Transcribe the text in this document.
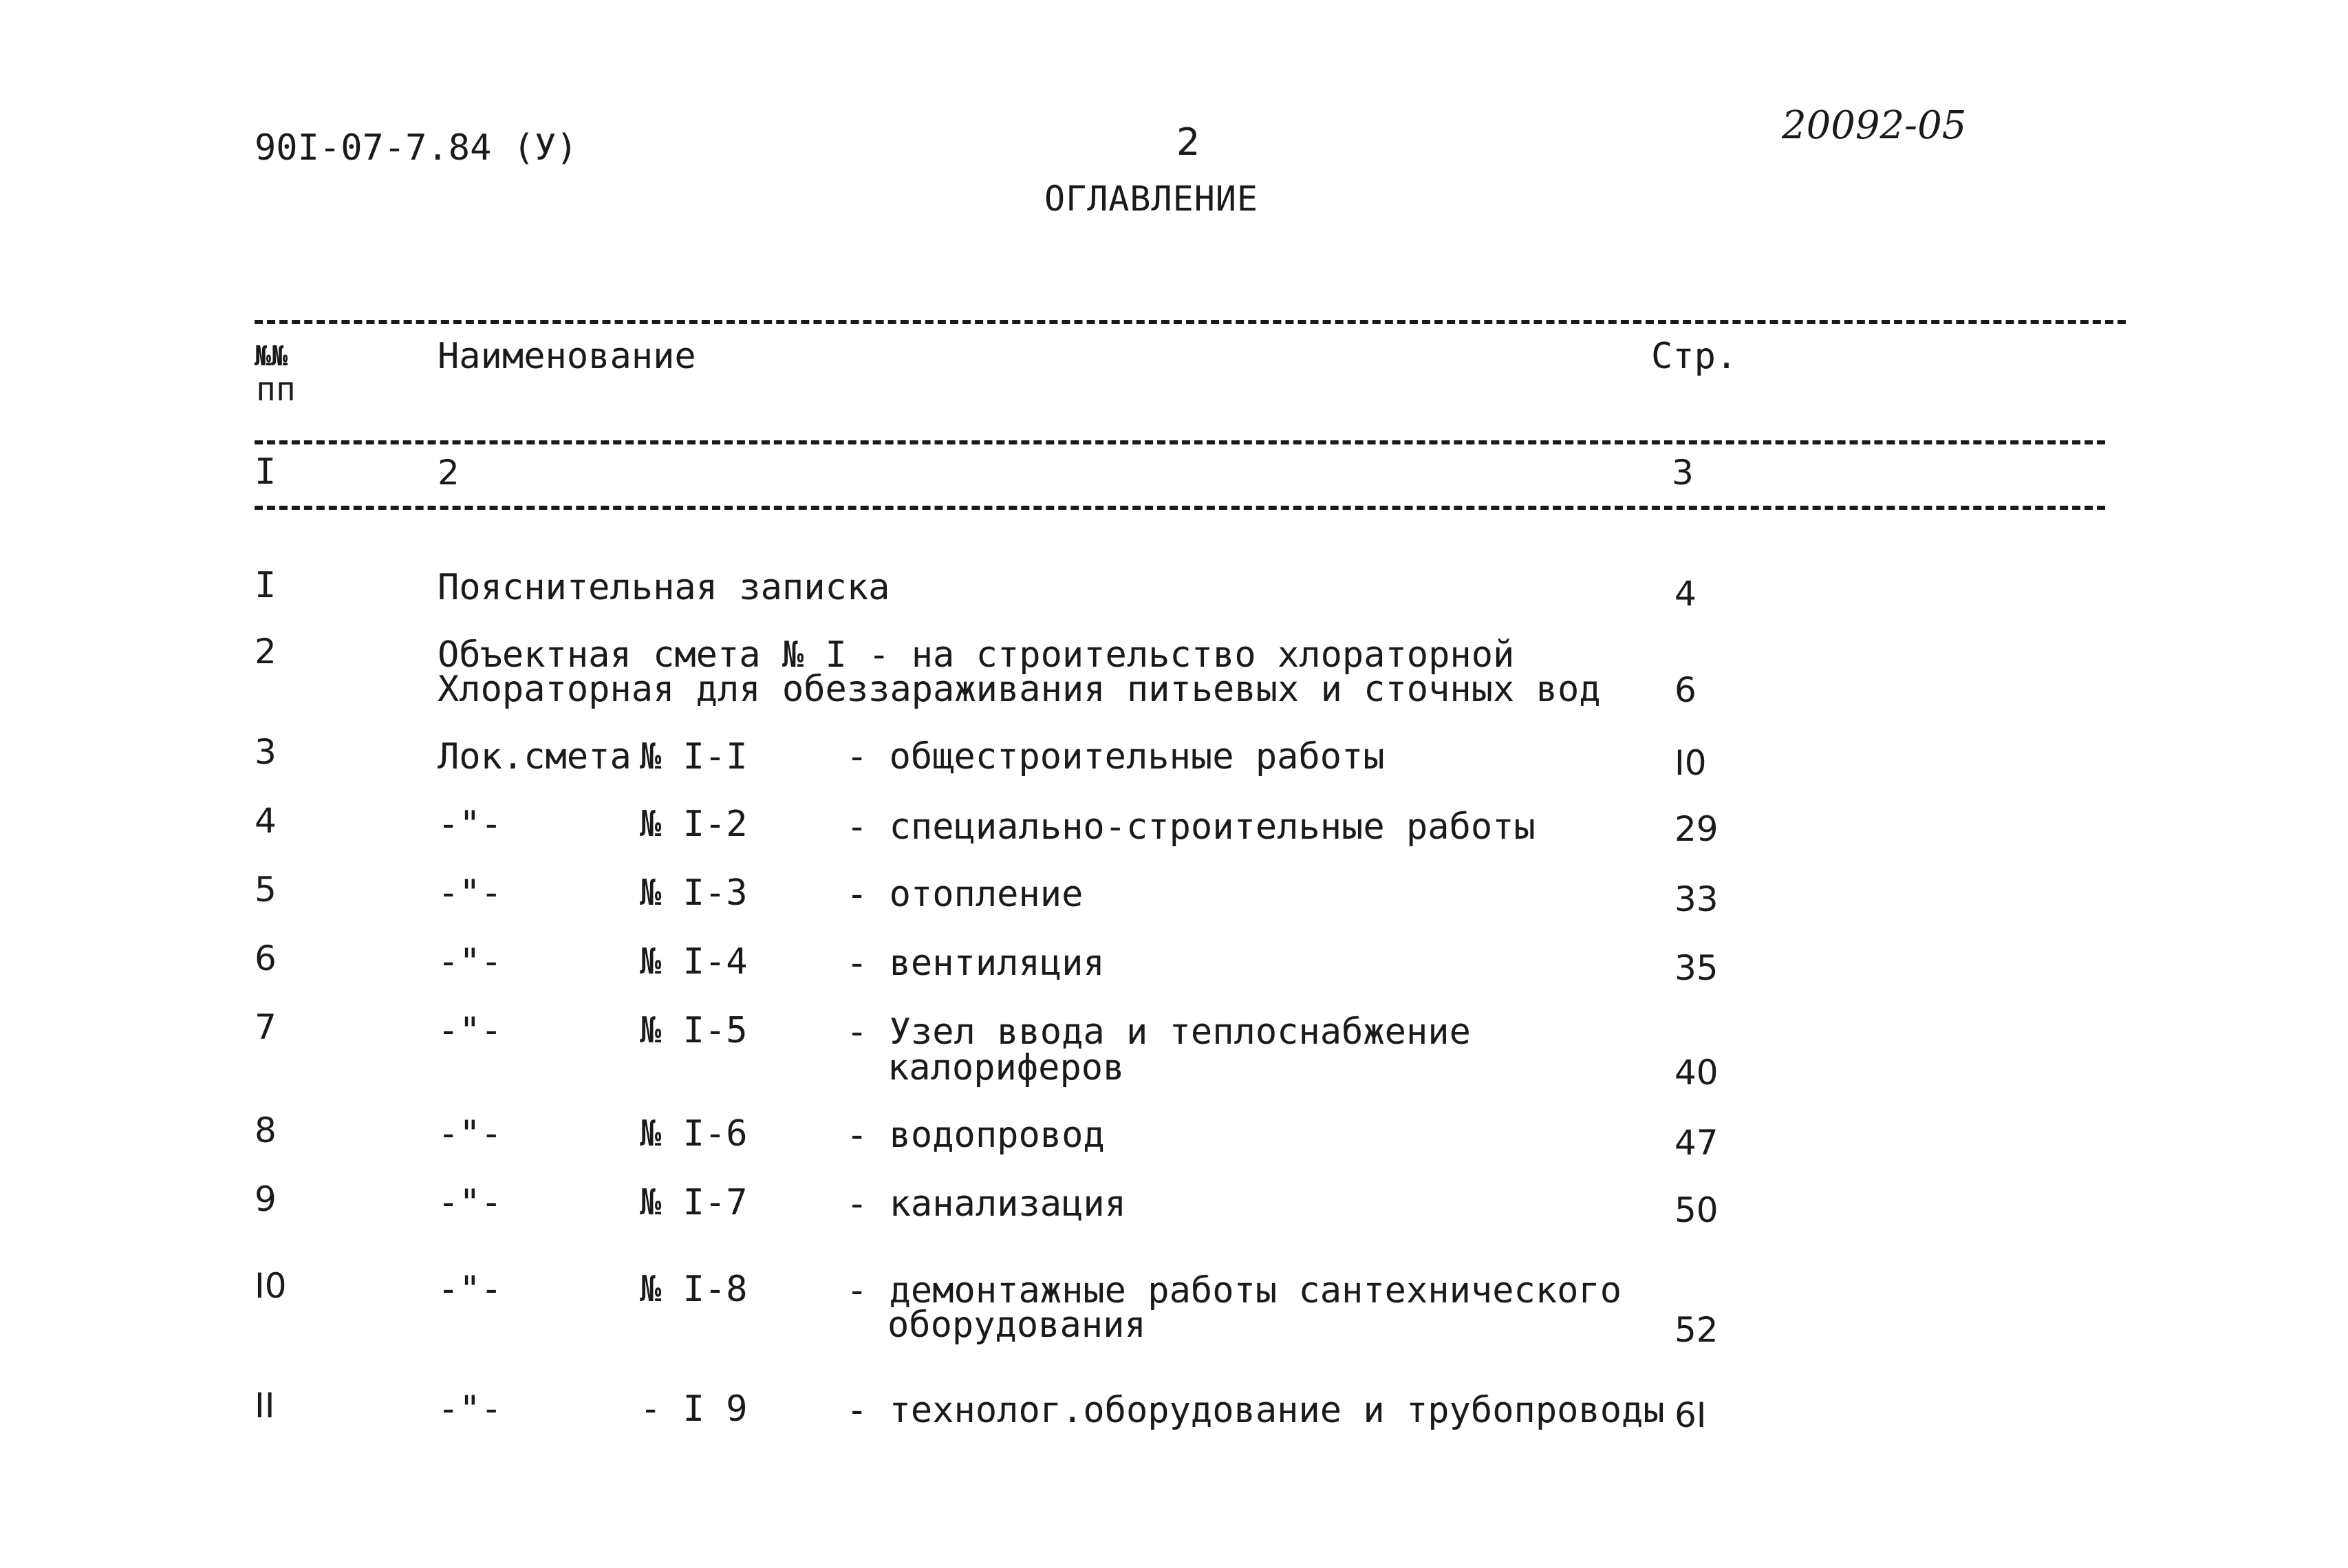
90I-07-7.84 (У)	2	20092-05
ОГЛАВЛЕНИЕ
№№
пп
Наименование	Стр.
I	2	3
I	Пояснительная записка	4
2	Объектная смета № I - на строительство хлораторной
Хлораторная для обеззараживания питьевых и сточных вод 6
3	Лок.смета № I-I	- общестроительные работы	I0
4	-"-	№ I-2	- специально-строительные работы	29
5	-"-	№ I-3	- отопление	33
6	-"-	№ I-4	- вентиляция	35
7	-"-	№ I-5	- Узел ввода и теплоснабжение
калориферов	40
8	-"-	№ I-6	- водопровод	47
9	-"-	№ I-7	- канализация	50
I0	-"-	№ I-8	- демонтажные работы сантехнического
оборудования	52
II	-"-	- I 9	- технолог.оборудование и трубопроводы 6I
